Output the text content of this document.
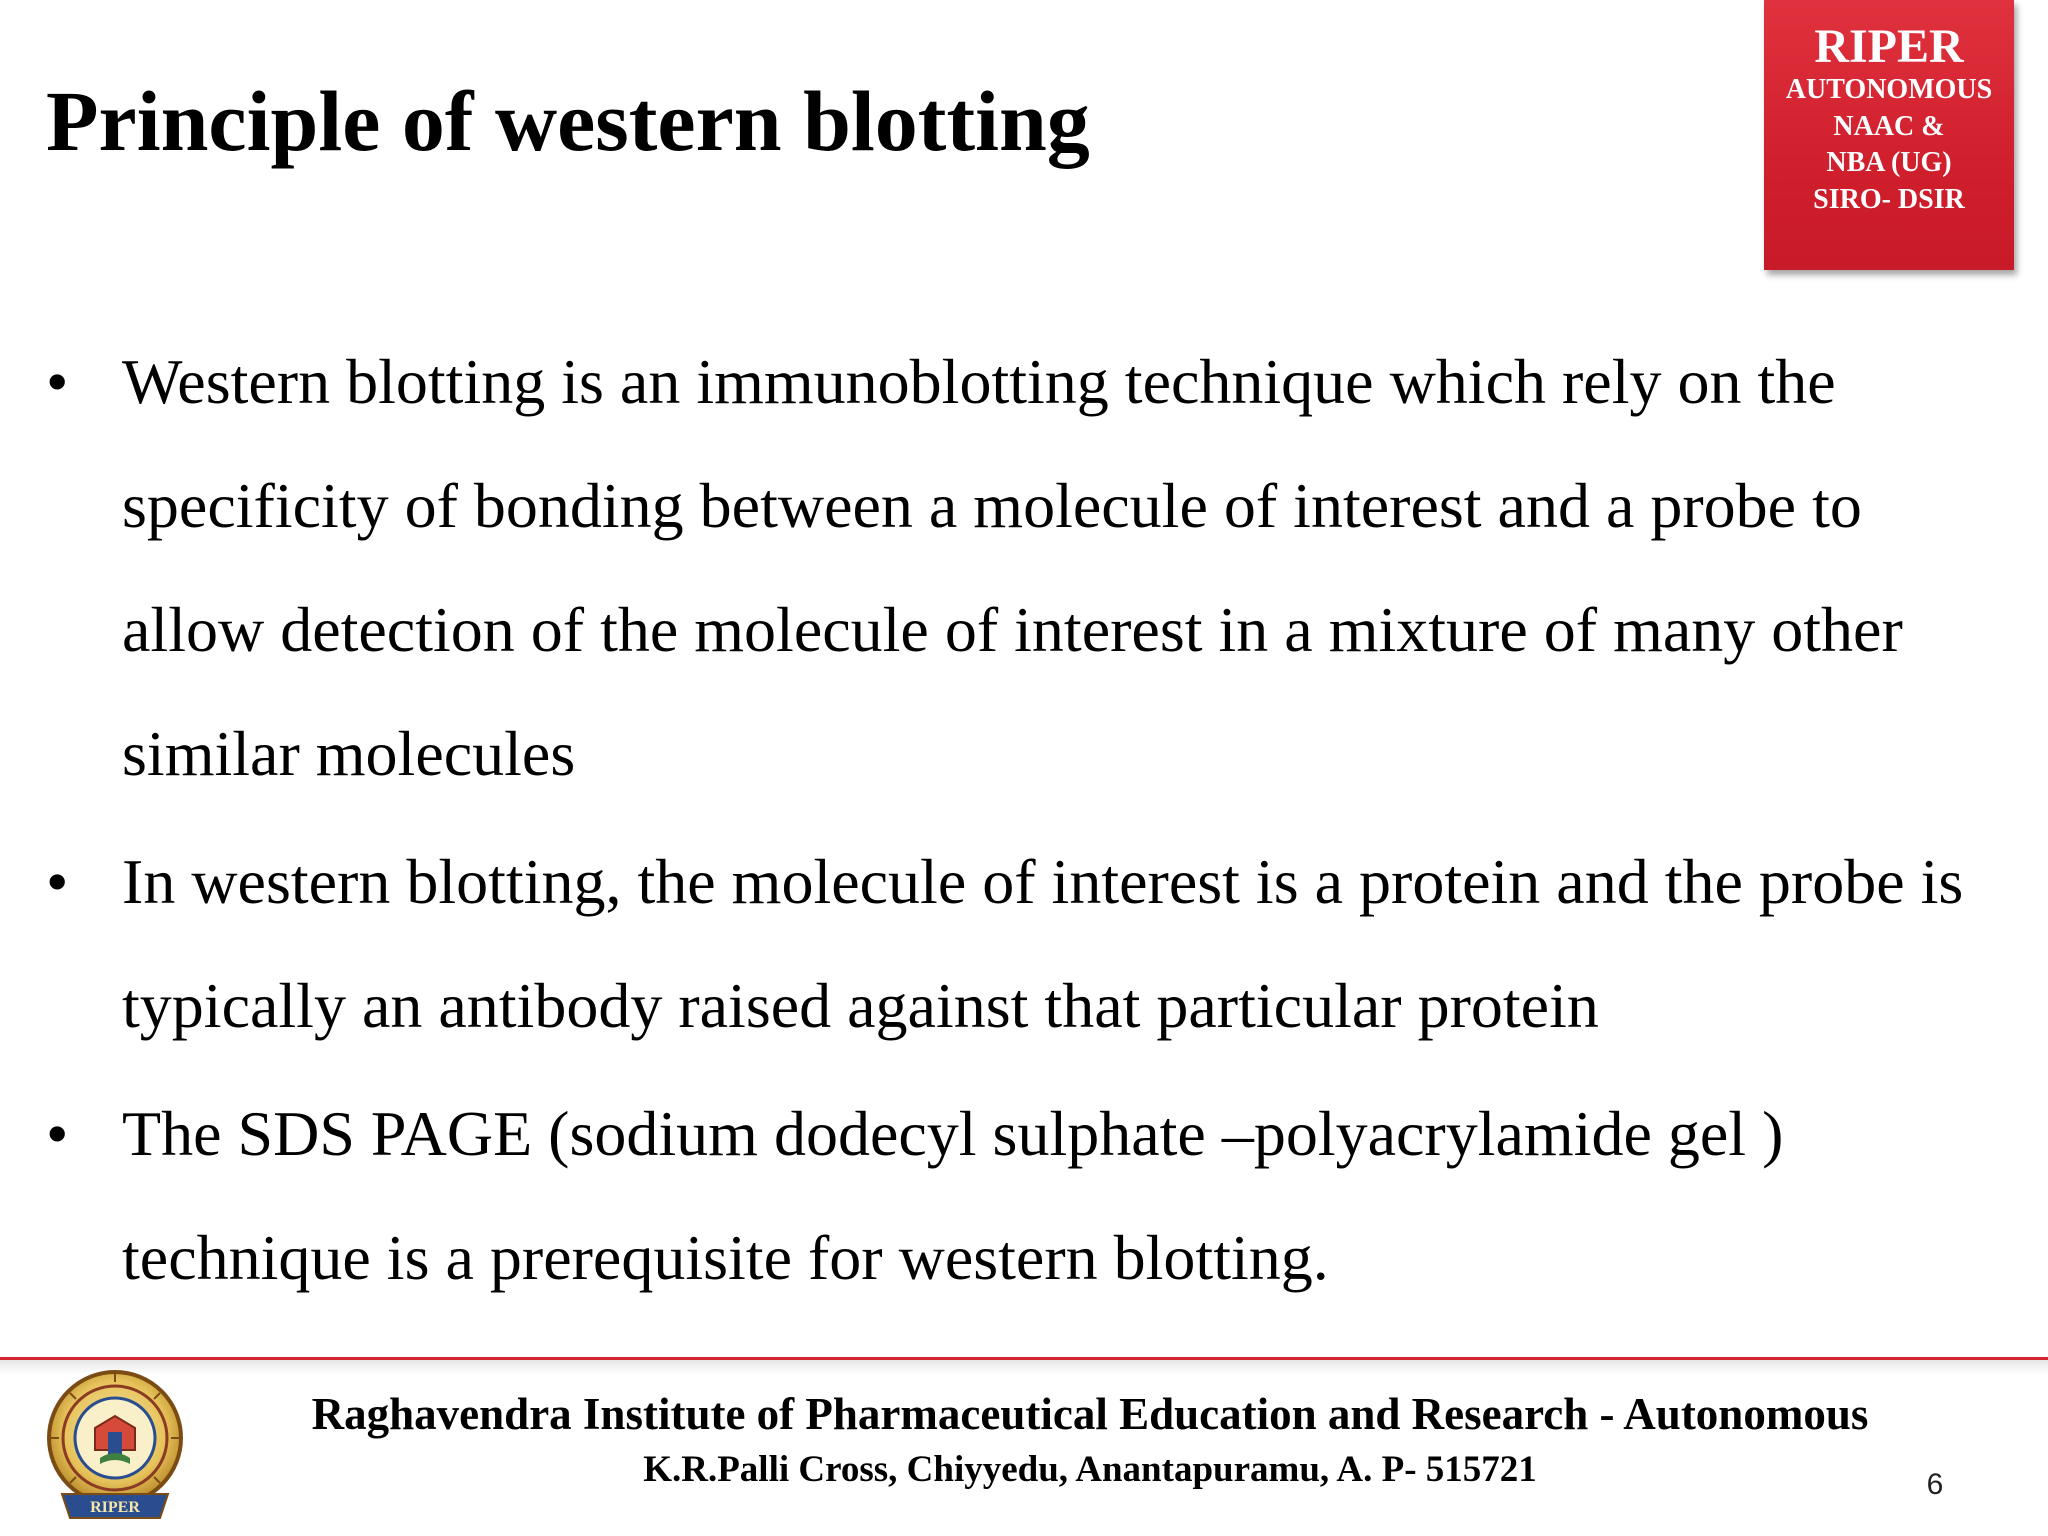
Principle of western blotting
RIPER
AUTONOMOUS
NAAC &
NBA (UG)
SIRO- DSIR
• Western blotting is an immunoblotting technique which rely on the specificity of bonding between a molecule of interest and a probe to allow detection of the molecule of interest in a mixture of many other similar molecules
• In western blotting, the molecule of interest is a protein and the probe is typically an antibody raised against that particular protein
• The SDS PAGE (sodium dodecyl sulphate –polyacrylamide gel ) technique is a prerequisite for western blotting.
RIPER
Raghavendra Institute of Pharmaceutical Education and Research - Autonomous
K.R.Palli Cross, Chiyyedu, Anantapuramu, A. P- 515721	6
